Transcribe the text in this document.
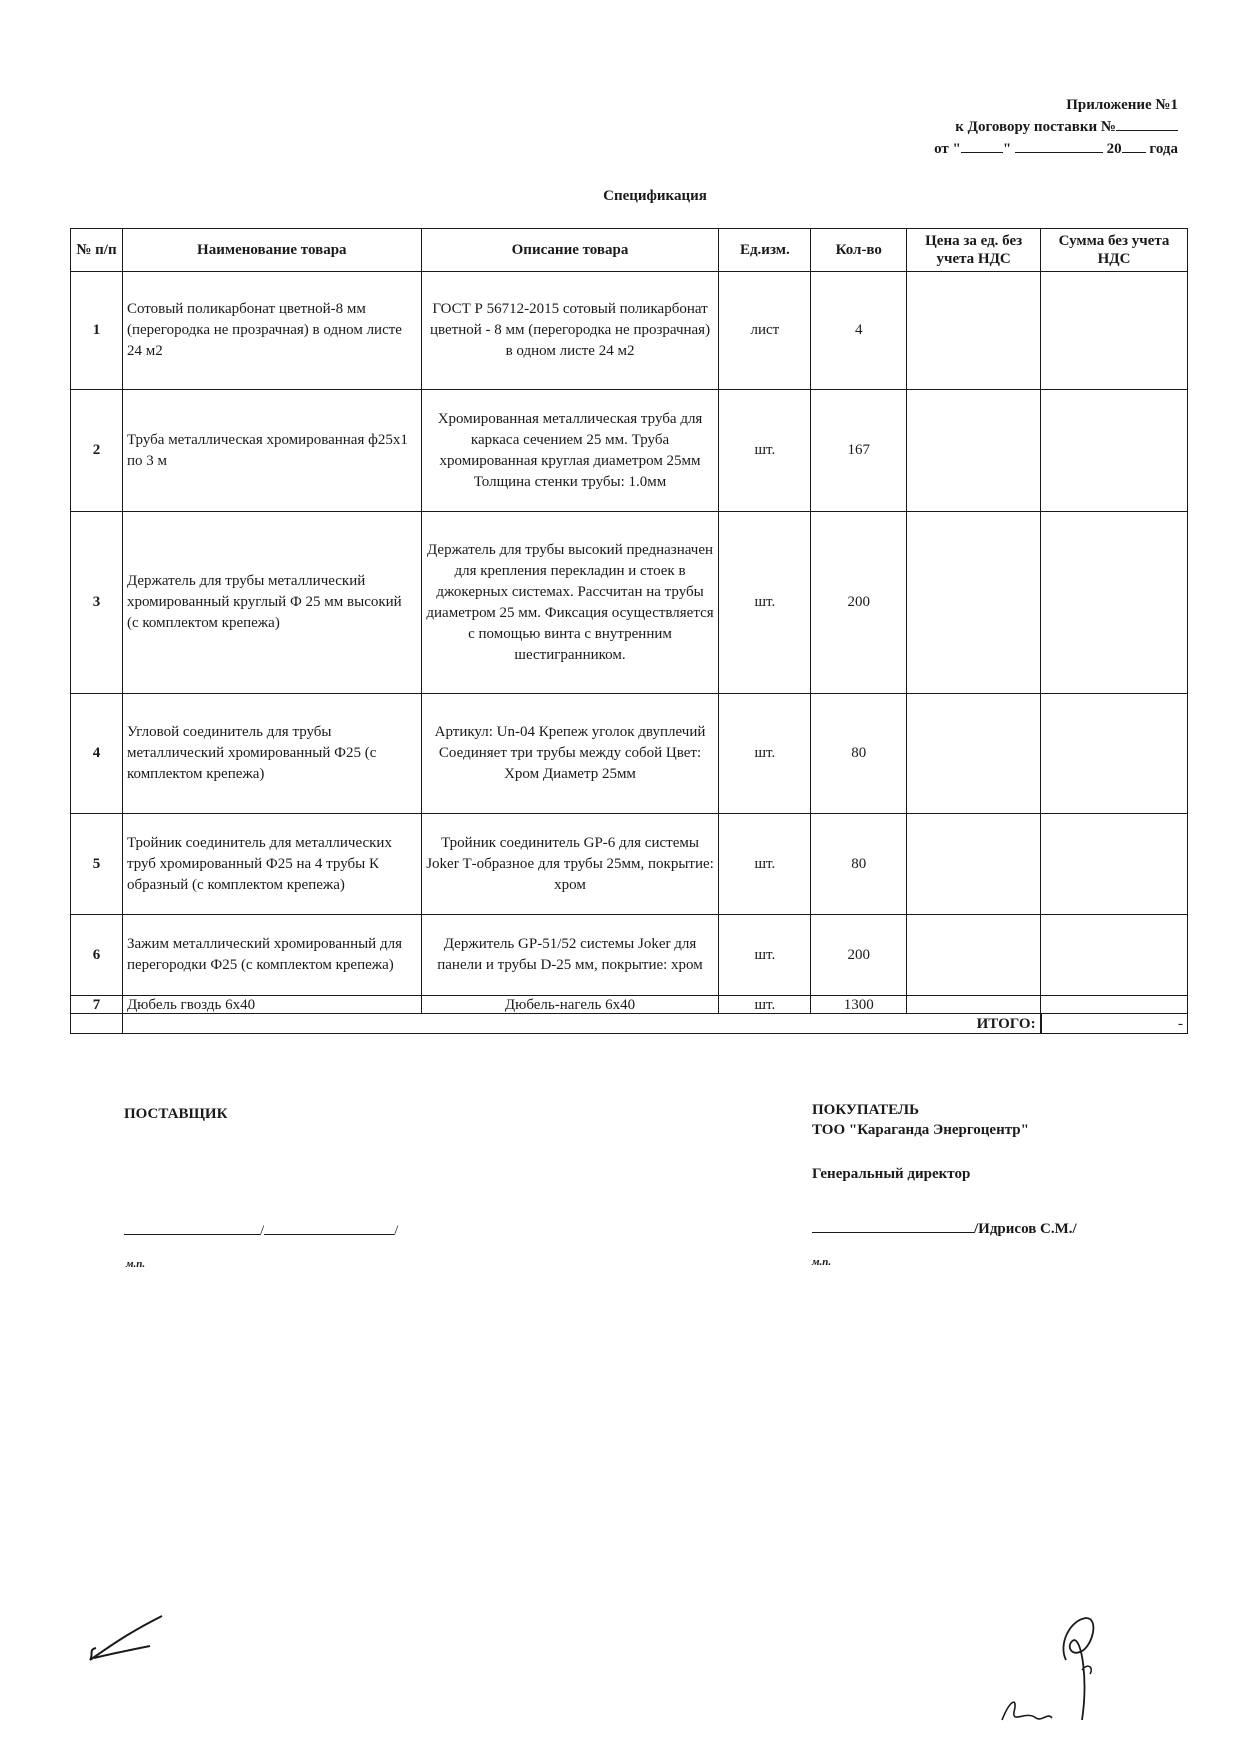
Приложение №1
к Договору поставки №
от "	"	20 года
Спецификация
№ п/п	Наименование товара	Описание товара	Ед.изм.	Кол-во	Цена за ед. без учета НДС	Сумма без учета НДС
1	Сотовый поликарбонат цветной-8 мм (перегородка не прозрачная) в одном листе 24 м2	ГОСТ Р 56712-2015 сотовый поликарбонат цветной - 8 мм (перегородка не прозрачная) в одном листе 24 м2	лист	4		
2	Труба металлическая хромированная ф25х1 по 3 м	Хромированная металлическая труба для каркаса сечением 25 мм. Труба хромированная круглая диаметром 25мм Толщина стенки трубы: 1.0мм	шт.	167		
3	Держатель для трубы металлический хромированный круглый Ф 25 мм высокий (с комплектом крепежа)	Держатель для трубы высокий предназначен для крепления перекладин и стоек в джокерных системах. Рассчитан на трубы диаметром 25 мм. Фиксация осуществляется с помощью винта с внутренним шестигранником.	шт.	200		
4	Угловой соединитель для трубы металлический хромированный Ф25 (с комплектом крепежа)	Артикул: Un-04 Крепеж уголок двуплечий Соединяет три трубы между собой Цвет: Хром Диаметр 25мм	шт.	80		
5	Тройник соединитель для металлических труб хромированный Ф25 на 4 трубы К образный (с комплектом крепежа)	Тройник соединитель GP-6 для системы Joker Т-образное для трубы 25мм, покрытие: хром	шт.	80		
6	Зажим металлический хромированный для перегородки Ф25 (с комплектом крепежа)	Держитель GP-51/52 системы Joker для панели и трубы D-25 мм, покрытие: хром	шт.	200		
7	Дюбель гвоздь 6х40	Дюбель-нагель 6х40	шт.	1300		
	ИТОГО:					-
ПОСТАВЩИК
/	/
м.п.
ПОКУПАТЕЛЬ
ТОО "Караганда Энергоцентр"
Генеральный директор
/Идрисов С.М./
м.п.
